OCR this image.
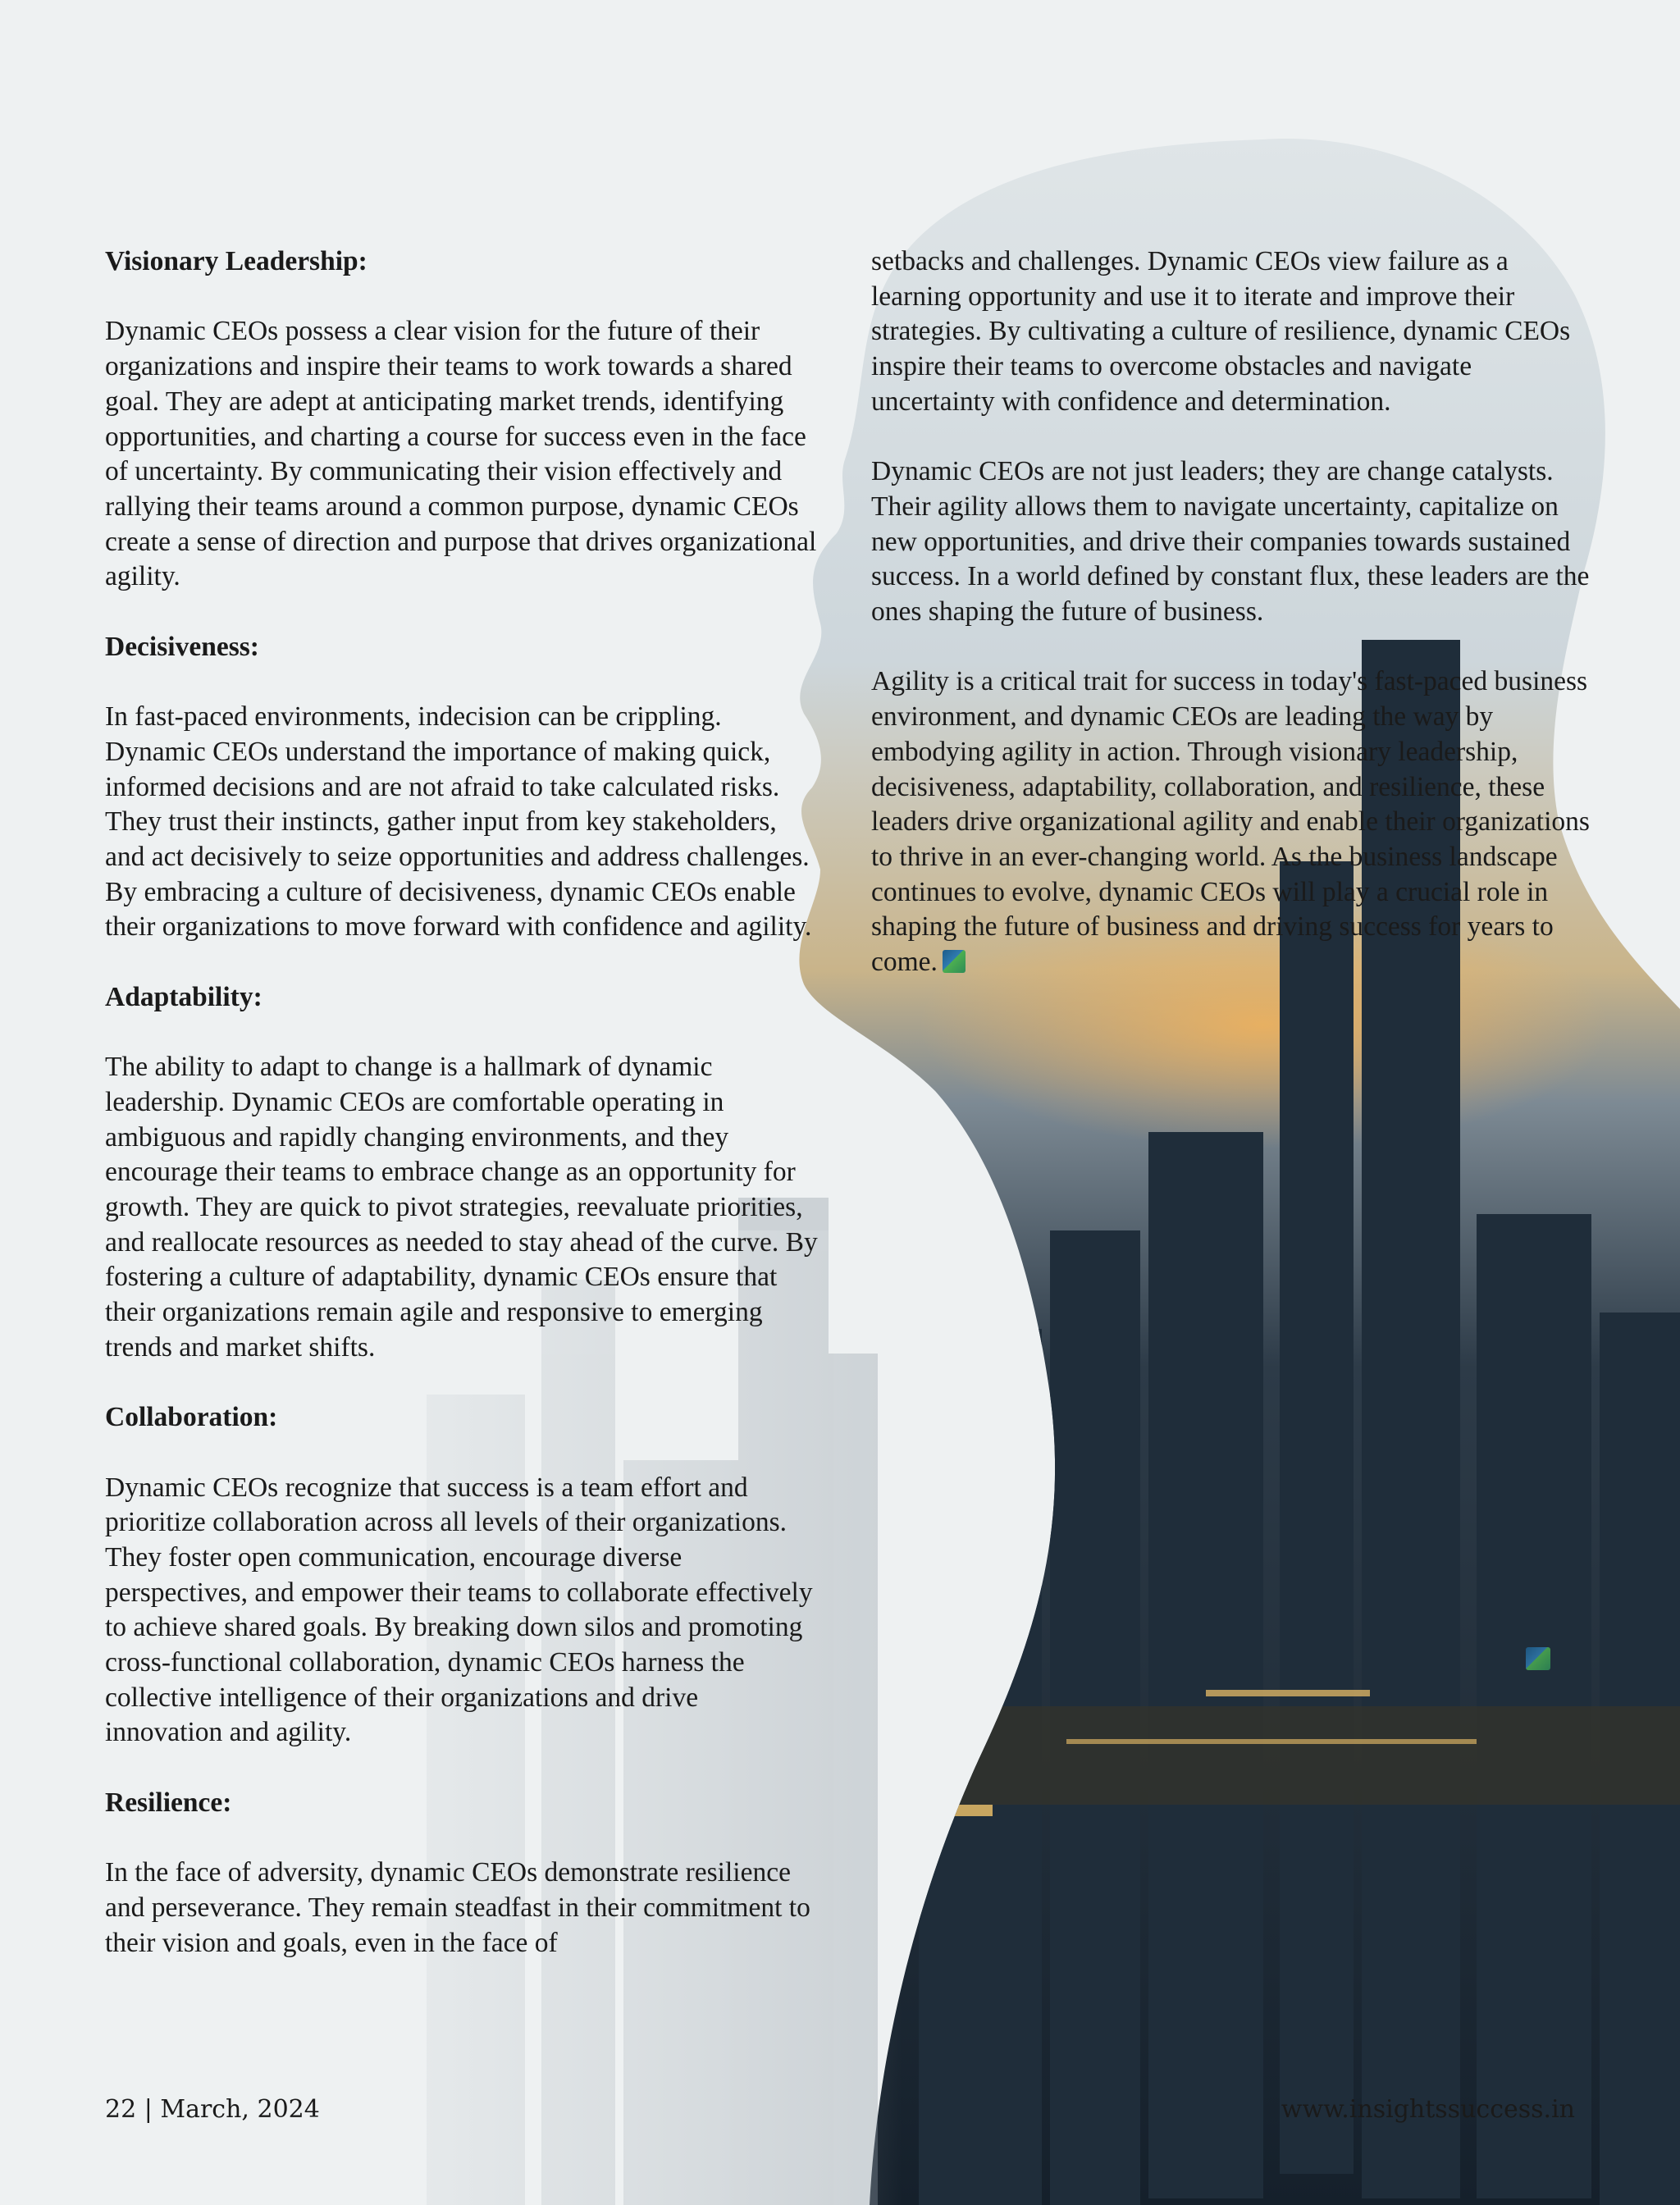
Visionary Leadership:
Dynamic CEOs possess a clear vision for the future of their organizations and inspire their teams to work towards a shared goal. They are adept at anticipating market trends, identifying opportunities, and charting a course for success even in the face of uncertainty. By communicating their vision effectively and rallying their teams around a common purpose, dynamic CEOs create a sense of direction and purpose that drives organizational agility.
Decisiveness:
In fast-paced environments, indecision can be crippling. Dynamic CEOs understand the importance of making quick, informed decisions and are not afraid to take calculated risks. They trust their instincts, gather input from key stakeholders, and act decisively to seize opportunities and address challenges. By embracing a culture of decisiveness, dynamic CEOs enable their organizations to move forward with confidence and agility.
Adaptability:
The ability to adapt to change is a hallmark of dynamic leadership. Dynamic CEOs are comfortable operating in ambiguous and rapidly changing environments, and they encourage their teams to embrace change as an opportunity for growth. They are quick to pivot strategies, reevaluate priorities, and reallocate resources as needed to stay ahead of the curve. By fostering a culture of adaptability, dynamic CEOs ensure that their organizations remain agile and responsive to emerging trends and market shifts.
Collaboration:
Dynamic CEOs recognize that success is a team effort and prioritize collaboration across all levels of their organizations. They foster open communication, encourage diverse perspectives, and empower their teams to collaborate effectively to achieve shared goals. By breaking down silos and promoting cross-functional collaboration, dynamic CEOs harness the collective intelligence of their organizations and drive innovation and agility.
Resilience:
In the face of adversity, dynamic CEOs demonstrate resilience and perseverance. They remain steadfast in their commitment to their vision and goals, even in the face of
setbacks and challenges. Dynamic CEOs view failure as a learning opportunity and use it to iterate and improve their strategies. By cultivating a culture of resilience, dynamic CEOs inspire their teams to overcome obstacles and navigate uncertainty with confidence and determination.
Dynamic CEOs are not just leaders; they are change catalysts. Their agility allows them to navigate uncertainty, capitalize on new opportunities, and drive their companies towards sustained success. In a world defined by constant flux, these leaders are the ones shaping the future of business.
Agility is a critical trait for success in today's fast-paced business environment, and dynamic CEOs are leading the way by embodying agility in action. Through visionary leadership, decisiveness, adaptability, collaboration, and resilience, these leaders drive organizational agility and enable their organizations to thrive in an ever-changing world. As the business landscape continues to evolve, dynamic CEOs will play a crucial role in shaping the future of business and driving success for years to come.
22 | March, 2024	www.insightssuccess.in
